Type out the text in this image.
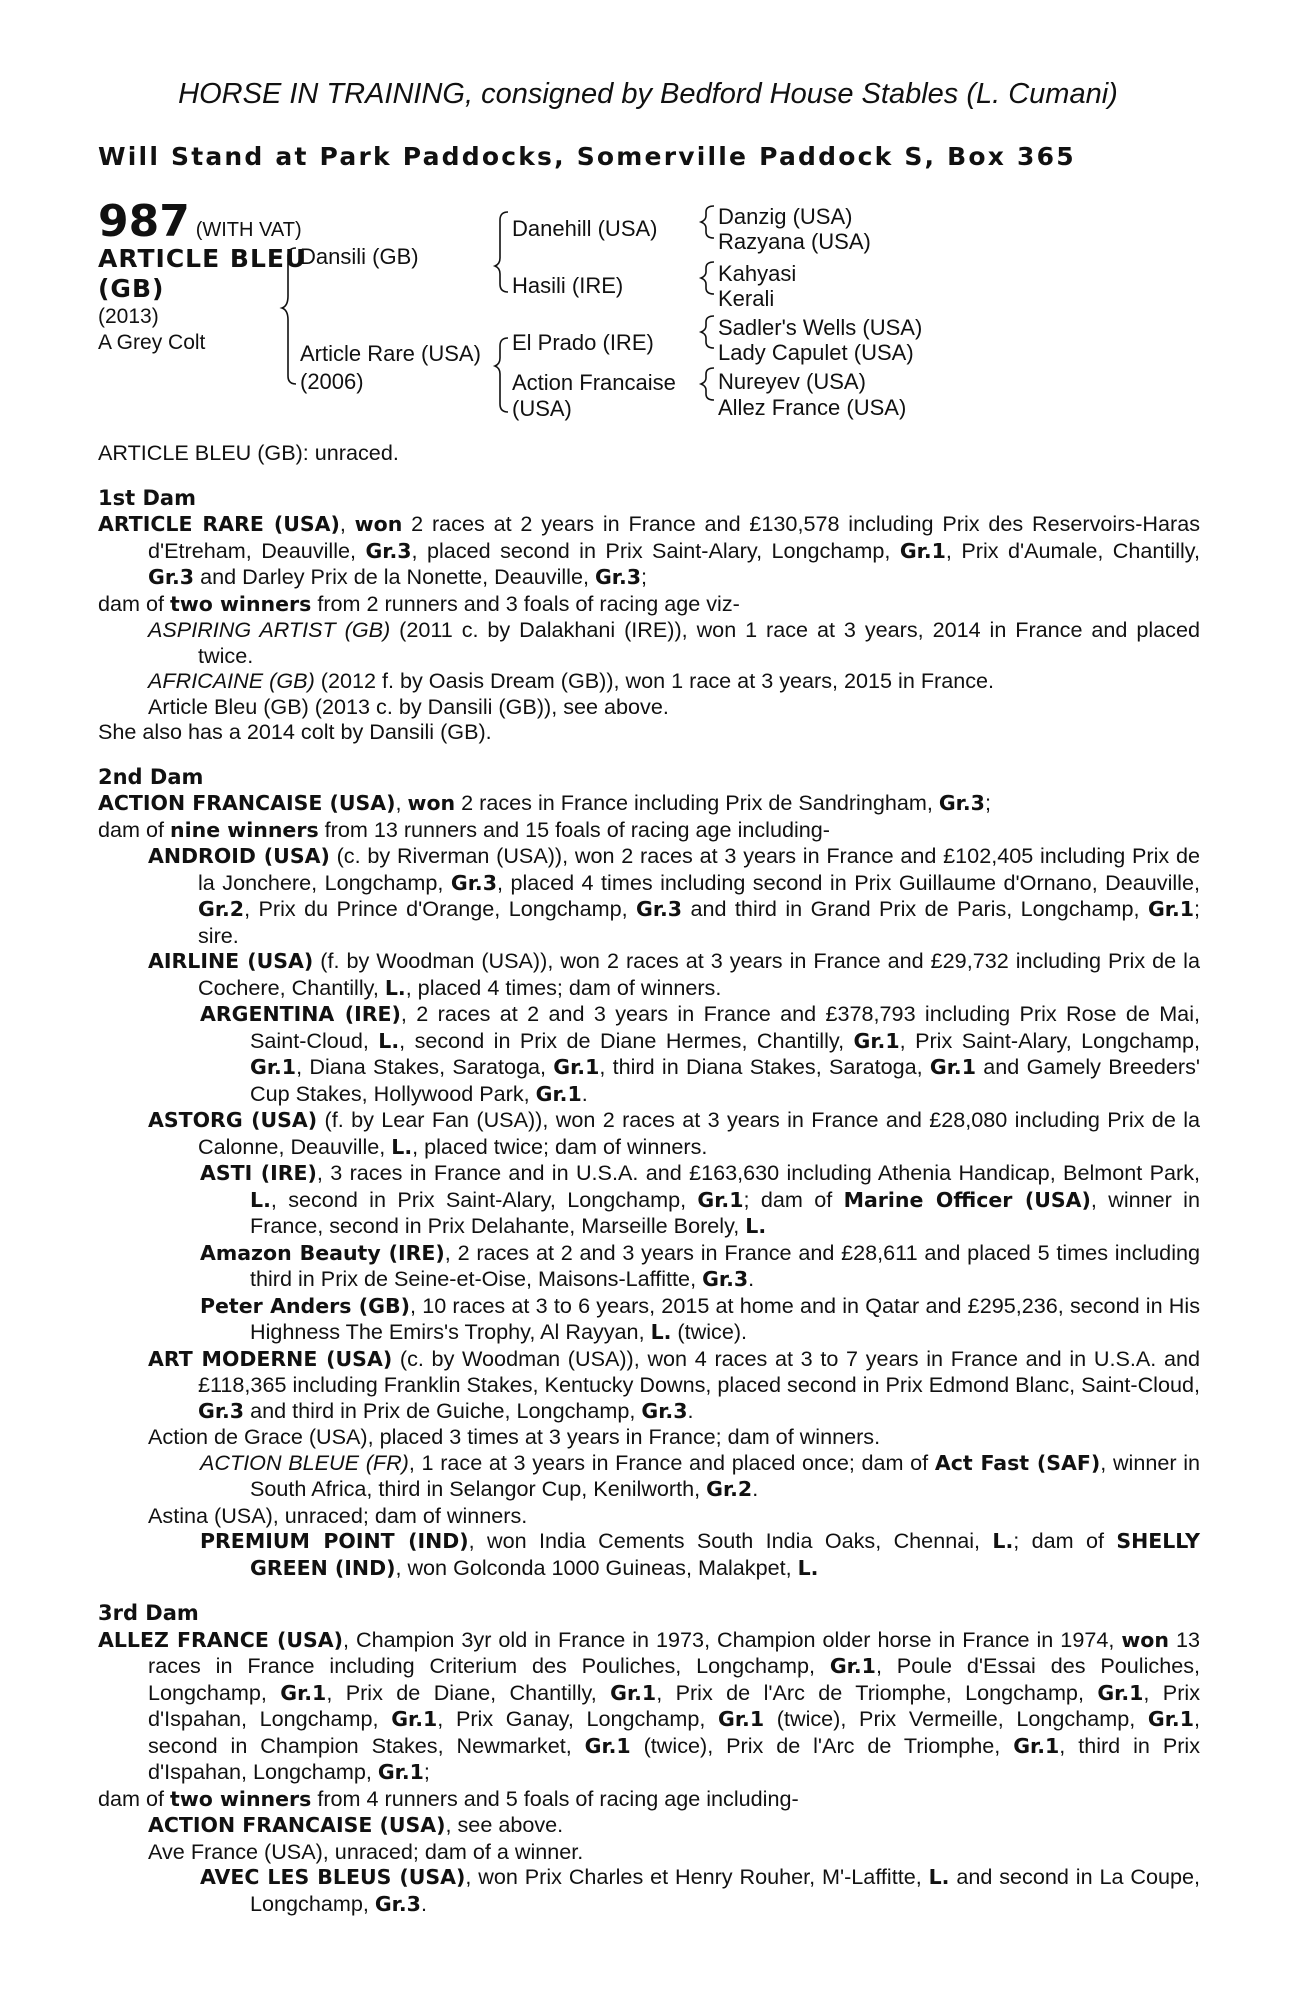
HORSE IN TRAINING, consigned by Bedford House Stables (L. Cumani)
Will Stand at Park Paddocks, Somerville Paddock S, Box 365
987 (WITH VAT)
ARTICLE BLEU
(GB)
(2013)
A Grey Colt
Dansili (GB)
Article Rare (USA)
(2006)
Danehill (USA)
Hasili (IRE)
El Prado (IRE)
Action Francaise
(USA)
Danzig (USA)
Razyana (USA)
Kahyasi
Kerali
Sadler's Wells (USA)
Lady Capulet (USA)
Nureyev (USA)
Allez France (USA)

ARTICLE BLEU (GB): unraced.

1st Dam

ARTICLE RARE (USA), won 2 races at 2 years in France and £130,578 including Prix des Reservoirs-Haras d'Etreham, Deauville, Gr.3, placed second in Prix Saint-Alary, Longchamp, Gr.1, Prix d'Aumale, Chantilly, Gr.3 and Darley Prix de la Nonette, Deauville, Gr.3;

dam of two winners from 2 runners and 3 foals of racing age viz-

ASPIRING ARTIST (GB) (2011 c. by Dalakhani (IRE)), won 1 race at 3 years, 2014 in France and placed twice.

AFRICAINE (GB) (2012 f. by Oasis Dream (GB)), won 1 race at 3 years, 2015 in France.

Article Bleu (GB) (2013 c. by Dansili (GB)), see above.

She also has a 2014 colt by Dansili (GB).

2nd Dam

ACTION FRANCAISE (USA), won 2 races in France including Prix de Sandringham, Gr.3;

dam of nine winners from 13 runners and 15 foals of racing age including-

ANDROID (USA) (c. by Riverman (USA)), won 2 races at 3 years in France and £102,405 including Prix de la Jonchere, Longchamp, Gr.3, placed 4 times including second in Prix Guillaume d'Ornano, Deauville, Gr.2, Prix du Prince d'Orange, Longchamp, Gr.3 and third in Grand Prix de Paris, Longchamp, Gr.1; sire.

AIRLINE (USA) (f. by Woodman (USA)), won 2 races at 3 years in France and £29,732 including Prix de la Cochere, Chantilly, L., placed 4 times; dam of winners.

ARGENTINA (IRE), 2 races at 2 and 3 years in France and £378,793 including Prix Rose de Mai, Saint-Cloud, L., second in Prix de Diane Hermes, Chantilly, Gr.1, Prix Saint-Alary, Longchamp, Gr.1, Diana Stakes, Saratoga, Gr.1, third in Diana Stakes, Saratoga, Gr.1 and Gamely Breeders' Cup Stakes, Hollywood Park, Gr.1.

ASTORG (USA) (f. by Lear Fan (USA)), won 2 races at 3 years in France and £28,080 including Prix de la Calonne, Deauville, L., placed twice; dam of winners.

ASTI (IRE), 3 races in France and in U.S.A. and £163,630 including Athenia Handicap, Belmont Park, L., second in Prix Saint-Alary, Longchamp, Gr.1; dam of Marine Officer (USA), winner in France, second in Prix Delahante, Marseille Borely, L.

Amazon Beauty (IRE), 2 races at 2 and 3 years in France and £28,611 and placed 5 times including third in Prix de Seine-et-Oise, Maisons-Laffitte, Gr.3.

Peter Anders (GB), 10 races at 3 to 6 years, 2015 at home and in Qatar and £295,236, second in His Highness The Emirs's Trophy, Al Rayyan, L. (twice).

ART MODERNE (USA) (c. by Woodman (USA)), won 4 races at 3 to 7 years in France and in U.S.A. and £118,365 including Franklin Stakes, Kentucky Downs, placed second in Prix Edmond Blanc, Saint-Cloud, Gr.3 and third in Prix de Guiche, Longchamp, Gr.3.

Action de Grace (USA), placed 3 times at 3 years in France; dam of winners.

ACTION BLEUE (FR), 1 race at 3 years in France and placed once; dam of Act Fast (SAF), winner in South Africa, third in Selangor Cup, Kenilworth, Gr.2.

Astina (USA), unraced; dam of winners.

PREMIUM POINT (IND), won India Cements South India Oaks, Chennai, L.; dam of SHELLY GREEN (IND), won Golconda 1000 Guineas, Malakpet, L.

3rd Dam

ALLEZ FRANCE (USA), Champion 3yr old in France in 1973, Champion older horse in France in 1974, won 13 races in France including Criterium des Pouliches, Longchamp, Gr.1, Poule d'Essai des Pouliches, Longchamp, Gr.1, Prix de Diane, Chantilly, Gr.1, Prix de l'Arc de Triomphe, Longchamp, Gr.1, Prix d'Ispahan, Longchamp, Gr.1, Prix Ganay, Longchamp, Gr.1 (twice), Prix Vermeille, Longchamp, Gr.1, second in Champion Stakes, Newmarket, Gr.1 (twice), Prix de l'Arc de Triomphe, Gr.1, third in Prix d'Ispahan, Longchamp, Gr.1;

dam of two winners from 4 runners and 5 foals of racing age including-

ACTION FRANCAISE (USA), see above.

Ave France (USA), unraced; dam of a winner.

AVEC LES BLEUS (USA), won Prix Charles et Henry Rouher, M'-Laffitte, L. and second in La Coupe, Longchamp, Gr.3.
